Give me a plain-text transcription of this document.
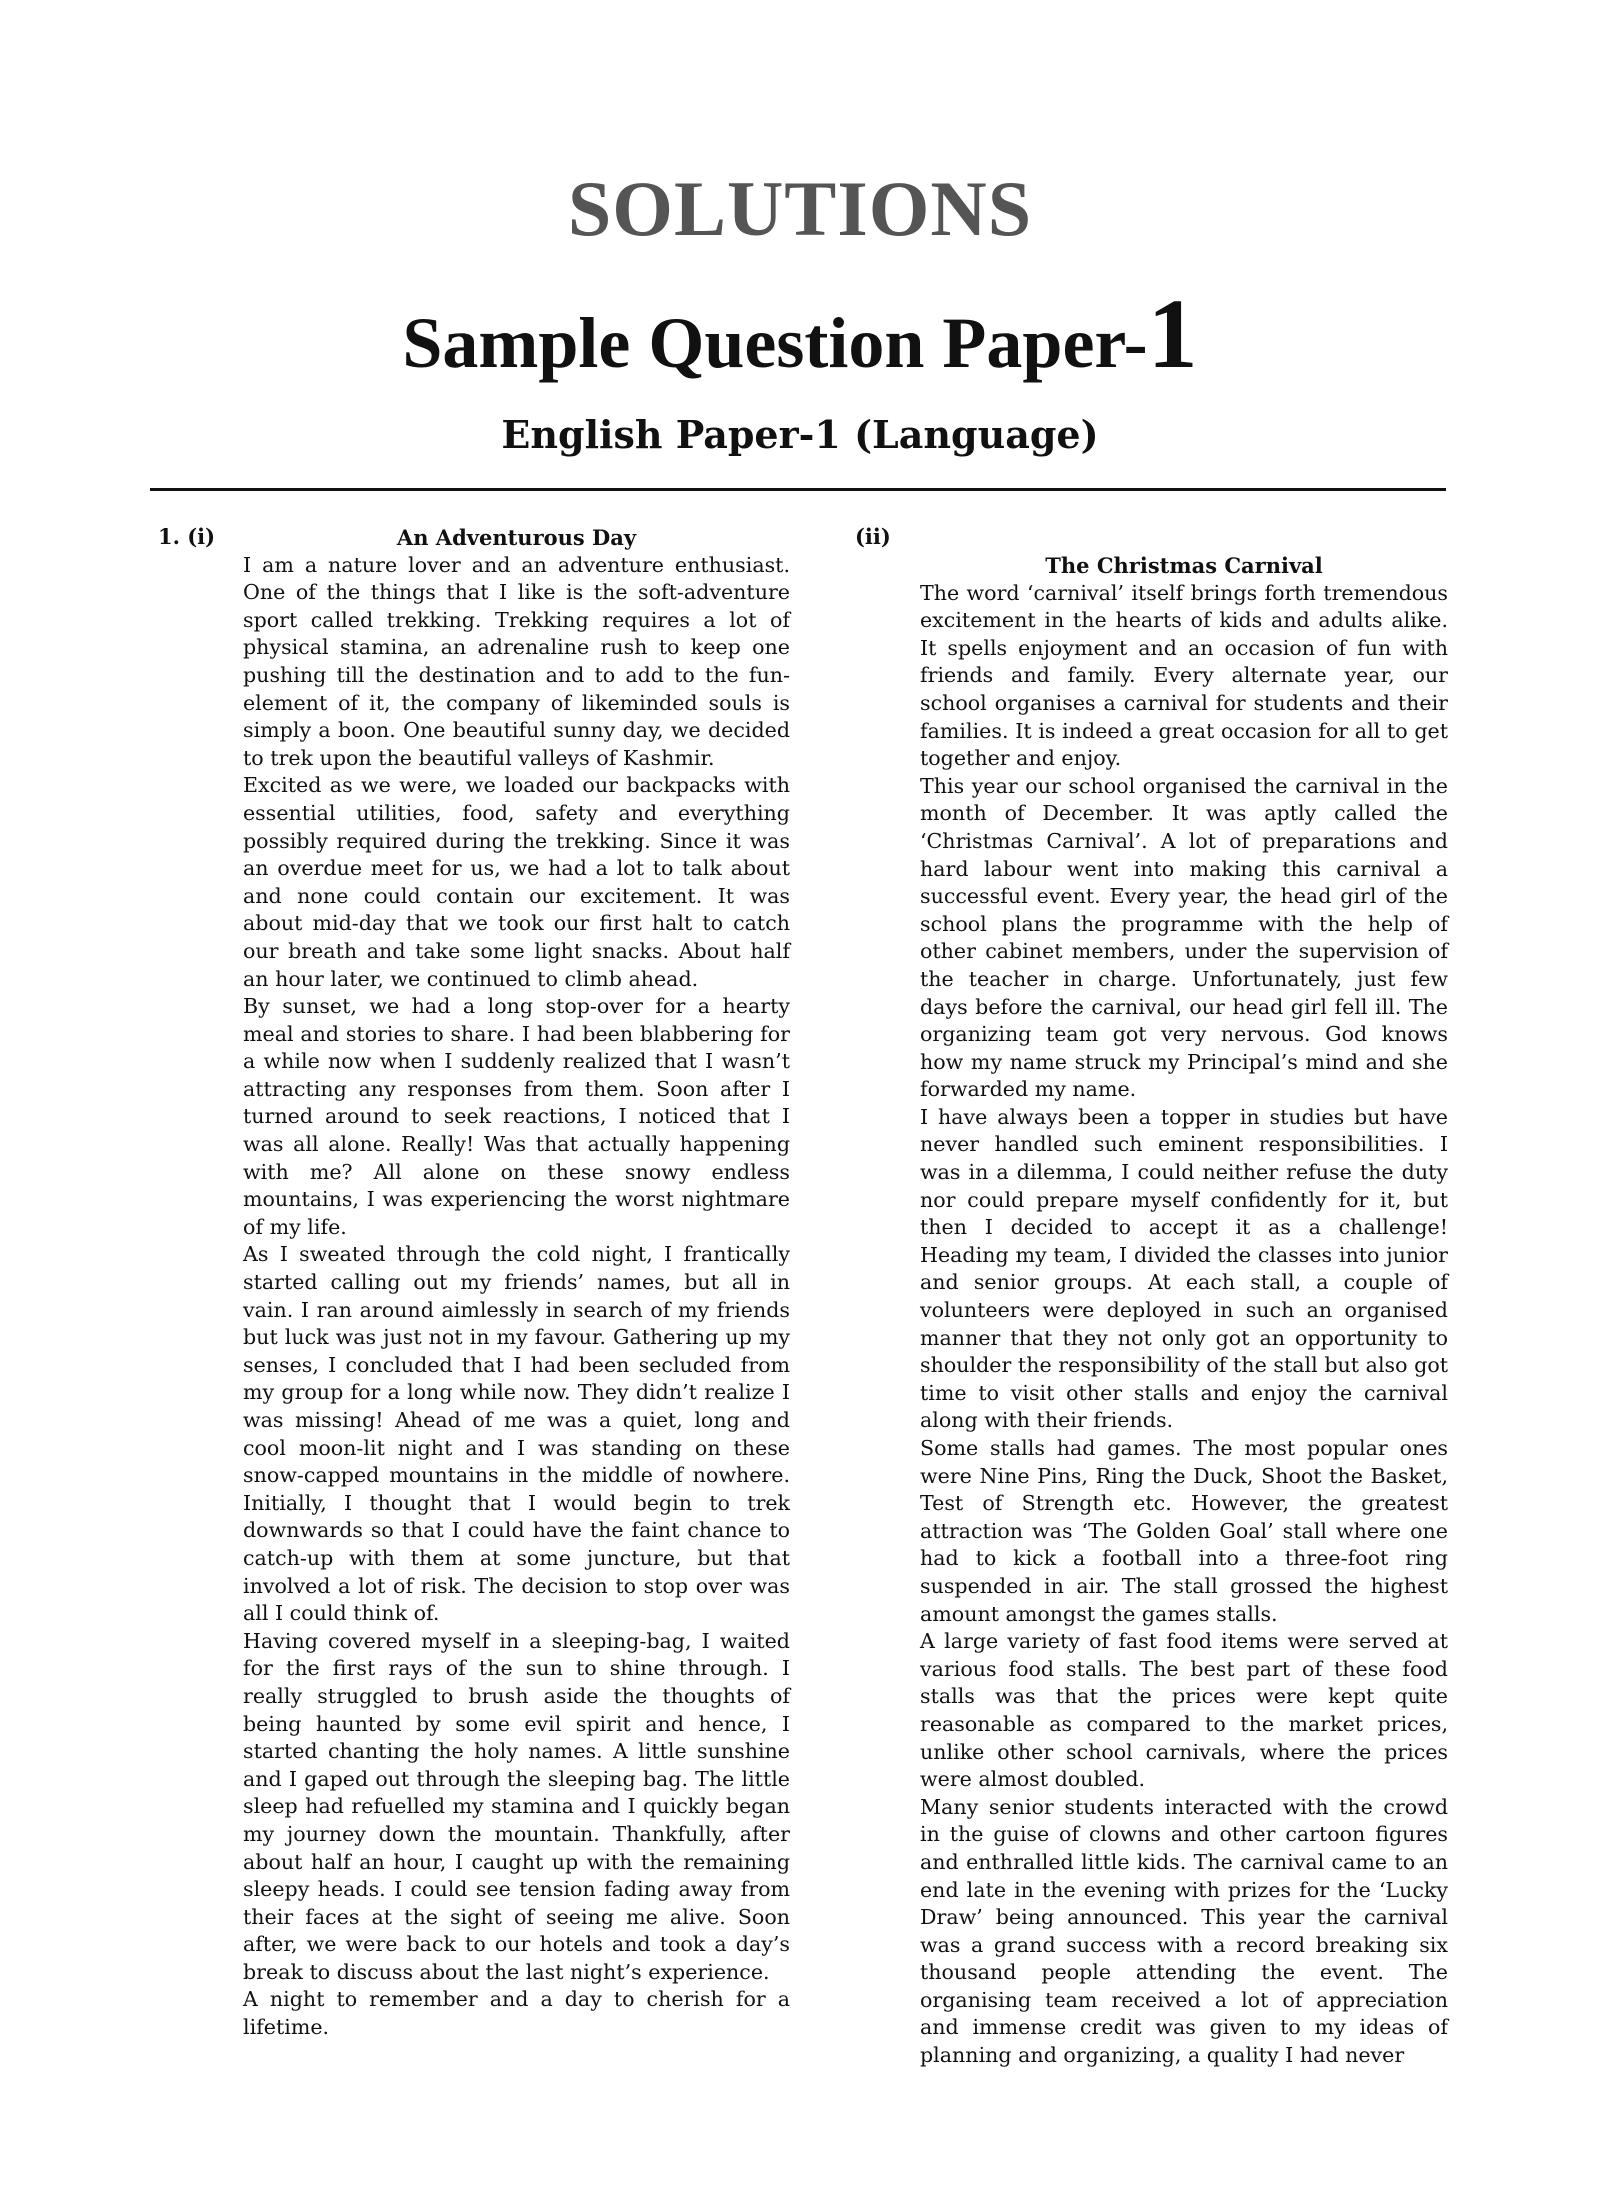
SOLUTIONS
Sample Question Paper-1
English Paper-1 (Language)
1. (i)	An Adventurous Day

I am a nature lover and an adventure enthusiast. One of the things that I like is the soft-adventure sport called trekking. Trekking requires a lot of physical stamina, an adrenaline rush to keep one pushing till the destination and to add to the fun-element of it, the company of likeminded souls is simply a boon. One beautiful sunny day, we decided to trek upon the beautiful valleys of Kashmir.

Excited as we were, we loaded our backpacks with essential utilities, food, safety and everything possibly required during the trekking. Since it was an overdue meet for us, we had a lot to talk about and none could contain our excitement. It was about mid-day that we took our first halt to catch our breath and take some light snacks. About half an hour later, we continued to climb ahead.

By sunset, we had a long stop-over for a hearty meal and stories to share. I had been blabbering for a while now when I suddenly realized that I wasn’t attracting any responses from them. Soon after I turned around to seek reactions, I noticed that I was all alone. Really! Was that actually happening with me? All alone on these snowy endless mountains, I was experiencing the worst nightmare of my life.

As I sweated through the cold night, I frantically started calling out my friends’ names, but all in vain. I ran around aimlessly in search of my friends but luck was just not in my favour. Gathering up my senses, I concluded that I had been secluded from my group for a long while now. They didn’t realize I was missing! Ahead of me was a quiet, long and cool moon-lit night and I was standing on these snow-capped mountains in the middle of nowhere. Initially, I thought that I would begin to trek downwards so that I could have the faint chance to catch-up with them at some juncture, but that involved a lot of risk. The decision to stop over was all I could think of.

Having covered myself in a sleeping-bag, I waited for the first rays of the sun to shine through. I really struggled to brush aside the thoughts of being haunted by some evil spirit and hence, I started chanting the holy names. A little sunshine and I gaped out through the sleeping bag. The little sleep had refuelled my stamina and I quickly began my journey down the mountain. Thankfully, after about half an hour, I caught up with the remaining sleepy heads. I could see tension fading away from their faces at the sight of seeing me alive. Soon after, we were back to our hotels and took a day’s break to discuss about the last night’s experience.

A night to remember and a day to cherish for a lifetime.

(ii)
The Christmas Carnival

The word ‘carnival’ itself brings forth tremendous excitement in the hearts of kids and adults alike. It spells enjoyment and an occasion of fun with friends and family. Every alternate year, our school organises a carnival for students and their families. It is indeed a great occasion for all to get together and enjoy.

This year our school organised the carnival in the month of December. It was aptly called the ‘Christmas Carnival’. A lot of preparations and hard labour went into making this carnival a successful event. Every year, the head girl of the school plans the programme with the help of other cabinet members, under the supervision of the teacher in charge. Unfortunately, just few days before the carnival, our head girl fell ill. The organizing team got very nervous. God knows how my name struck my Principal’s mind and she forwarded my name.

I have always been a topper in studies but have never handled such eminent responsibilities. I was in a dilemma, I could neither refuse the duty nor could prepare myself confidently for it, but then I decided to accept it as a challenge! Heading my team, I divided the classes into junior and senior groups. At each stall, a couple of volunteers were deployed in such an organised manner that they not only got an opportunity to shoulder the responsibility of the stall but also got time to visit other stalls and enjoy the carnival along with their friends.

Some stalls had games. The most popular ones were Nine Pins, Ring the Duck, Shoot the Basket, Test of Strength etc. However, the greatest attraction was ‘The Golden Goal’ stall where one had to kick a football into a three-foot ring suspended in air. The stall grossed the highest amount amongst the games stalls.

A large variety of fast food items were served at various food stalls. The best part of these food stalls was that the prices were kept quite reasonable as compared to the market prices, unlike other school carnivals, where the prices were almost doubled.

Many senior students interacted with the crowd in the guise of clowns and other cartoon figures and enthralled little kids. The carnival came to an end late in the evening with prizes for the ‘Lucky Draw’ being announced. This year the carnival was a grand success with a record breaking six thousand people attending the event. The organising team received a lot of appreciation and immense credit was given to my ideas of planning and organizing, a quality I had never
